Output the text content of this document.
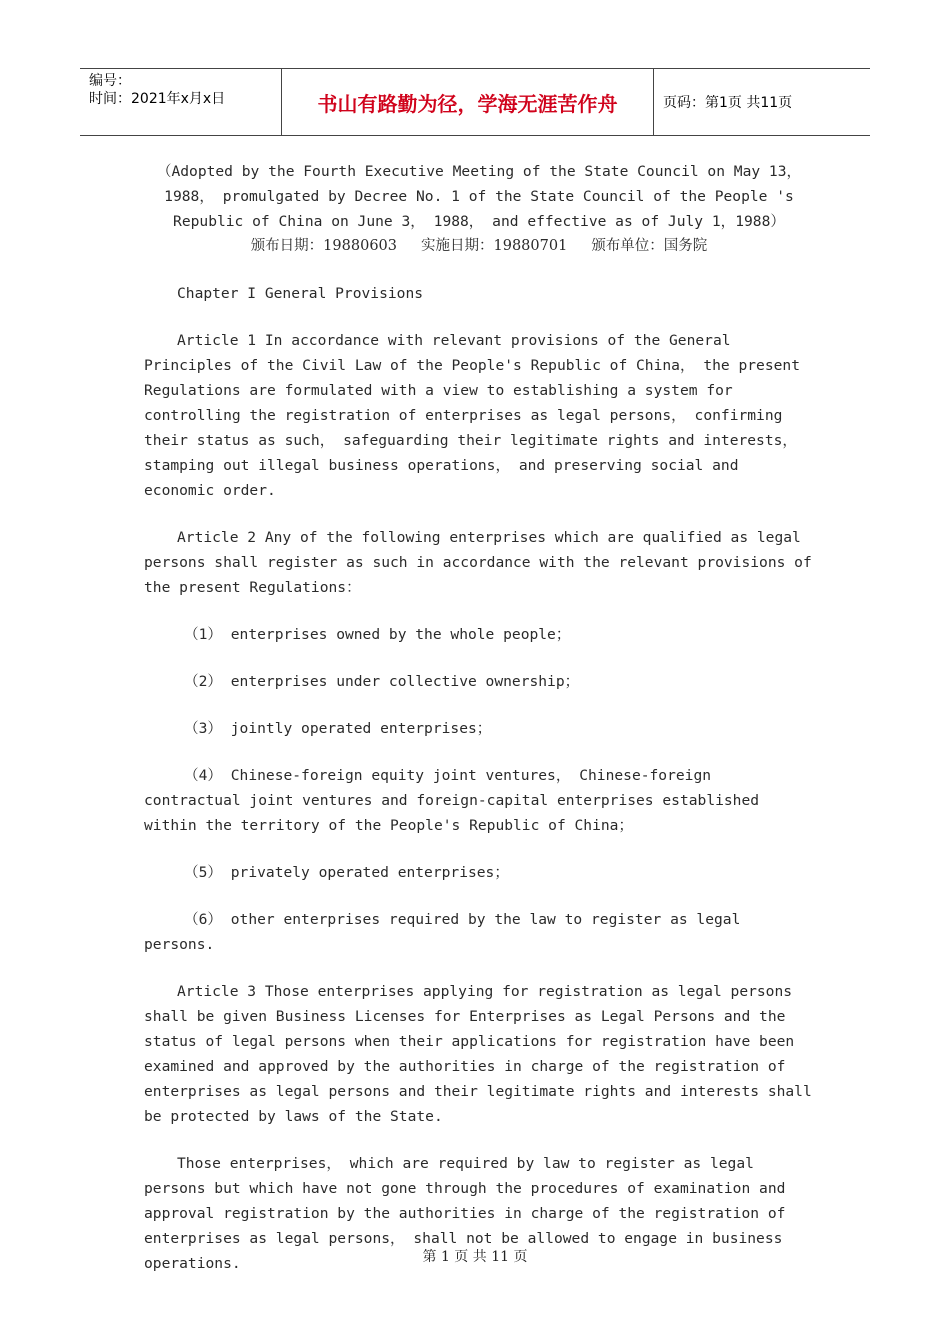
编号：
时间：2021年x月x日	书山有路勤为径，学海无涯苦作舟	页码：第1页 共11页

（Adopted by the Fourth Executive Meeting of the State Council on May 13，

1988， promulgated by Decree No. 1 of the State Council of the People 's

Republic of China on June 3， 1988， and effective as of July 1，1988）

颁布日期：19880603 实施日期：19880701 颁布单位：国务院

Chapter I General Provisions

Article 1 In accordance with relevant provisions of the General Principles of the Civil Law of the People's Republic of China， the present Regulations are formulated with a view to establishing a system for controlling the registration of enterprises as legal persons， confirming their status as such， safeguarding their legitimate rights and interests， stamping out illegal business operations， and preserving social and economic order.

Article 2 Any of the following enterprises which are qualified as legal persons shall register as such in accordance with the relevant provisions of the present Regulations：

（1） enterprises owned by the whole people；

（2） enterprises under collective ownership；

（3） jointly operated enterprises；

（4） Chinese-foreign equity joint ventures， Chinese-foreign contractual joint ventures and foreign-capital enterprises established within the territory of the People's Republic of China；

（5） privately operated enterprises；

（6） other enterprises required by the law to register as legal persons.

Article 3 Those enterprises applying for registration as legal persons shall be given Business Licenses for Enterprises as Legal Persons and the status of legal persons when their applications for registration have been examined and approved by the authorities in charge of the registration of enterprises as legal persons and their legitimate rights and interests shall be protected by laws of the State.

Those enterprises， which are required by law to register as legal persons but which have not gone through the procedures of examination and approval registration by the authorities in charge of the registration of enterprises as legal persons， shall not be allowed to engage in business operations.	第 1 页 共 11 页
